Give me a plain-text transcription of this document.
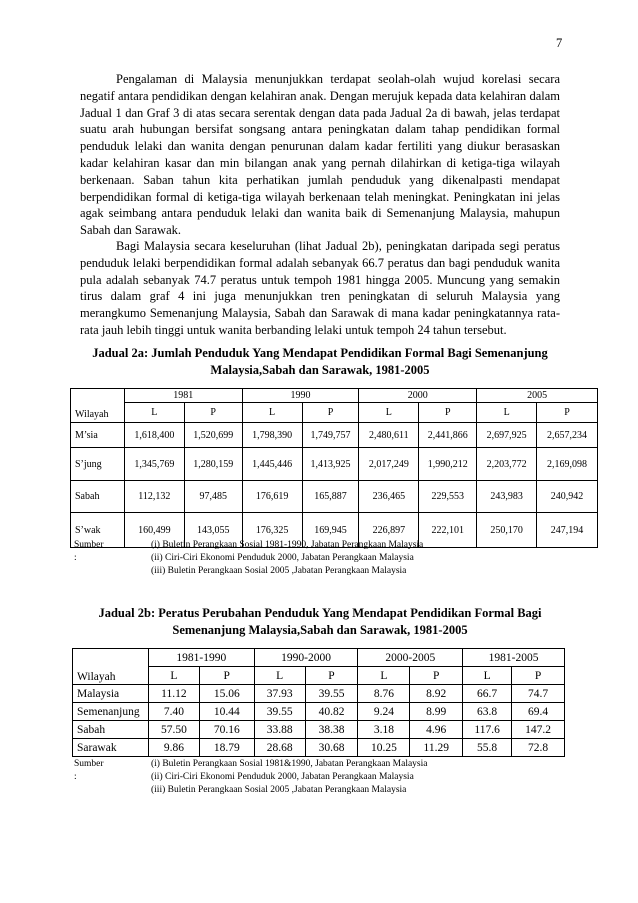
7

Pengalaman di Malaysia menunjukkan terdapat seolah-olah wujud korelasi secara negatif antara pendidikan dengan kelahiran anak. Dengan merujuk kepada data kelahiran dalam Jadual 1 dan Graf 3 di atas secara serentak dengan data pada Jadual 2a di bawah, jelas terdapat suatu arah hubungan bersifat songsang antara peningkatan dalam tahap pendidikan formal penduduk lelaki dan wanita dengan penurunan dalam kadar fertiliti yang diukur berasaskan kadar kelahiran kasar dan min bilangan anak yang pernah dilahirkan di ketiga-tiga wilayah berkenaan. Saban tahun kita perhatikan jumlah penduduk yang dikenalpasti mendapat berpendidikan formal di ketiga-tiga wilayah berkenaan telah meningkat. Peningkatan ini jelas agak seimbang antara penduduk lelaki dan wanita baik di Semenanjung Malaysia, mahupun Sabah dan Sarawak.

Bagi Malaysia secara keseluruhan (lihat Jadual 2b), peningkatan daripada segi peratus penduduk lelaki berpendidikan formal adalah sebanyak 66.7 peratus dan bagi penduduk wanita pula adalah sebanyak 74.7 peratus untuk tempoh 1981 hingga 2005. Muncung yang semakin tirus dalam graf 4 ini juga menunjukkan tren peningkatan di seluruh Malaysia yang merangkumo Semenanjung Malaysia, Sabah dan Sarawak di mana kadar peningkatannya rata-rata jauh lebih tinggi untuk wanita berbanding lelaki untuk tempoh 24 tahun tersebut.

Jadual 2a: Jumlah Penduduk Yang Mendapat Pendidikan Formal Bagi Semenanjung
Malaysia,Sabah dan Sarawak, 1981-2005

Wilayah	1981		1990		2000		2005	
	L	P	L	P	L	P	L	P
M’sia	1,618,400	1,520,699	1,798,390	1,749,757	2,480,611	2,441,866	2,697,925	2,657,234
S’jung	1,345,769	1,280,159	1,445,446	1,413,925	2,017,249	1,990,212	2,203,772	2,169,098
Sabah	112,132	97,485	176,619	165,887	236,465	229,553	243,983	240,942
S’wak	160,499	143,055	176,325	169,945	226,897	222,101	250,170	247,194
Sumber :
(i) Buletin Perangkaan Sosial 1981-1990, Jabatan Perangkaan Malaysia
(ii) Ciri-Ciri Ekonomi Penduduk 2000, Jabatan Perangkaan Malaysia
(iii) Buletin Perangkaan Sosial 2005 ,Jabatan Perangkaan Malaysia

Jadual 2b: Peratus Perubahan Penduduk Yang Mendapat Pendidikan Formal Bagi
Semenanjung Malaysia,Sabah dan Sarawak, 1981-2005

Wilayah	1981-1990		1990-2000		2000-2005		1981-2005	
	L	P	L	P	L	P	L	P
Malaysia	11.12	15.06	37.93	39.55	8.76	8.92	66.7	74.7
Semenanjung	7.40	10.44	39.55	40.82	9.24	8.99	63.8	69.4
Sabah	57.50	70.16	33.88	38.38	3.18	4.96	117.6	147.2
Sarawak	9.86	18.79	28.68	30.68	10.25	11.29	55.8	72.8
Sumber :
(i) Buletin Perangkaan Sosial 1981&1990, Jabatan Perangkaan Malaysia
(ii) Ciri-Ciri Ekonomi Penduduk 2000, Jabatan Perangkaan Malaysia
(iii) Buletin Perangkaan Sosial 2005 ,Jabatan Perangkaan Malaysia
